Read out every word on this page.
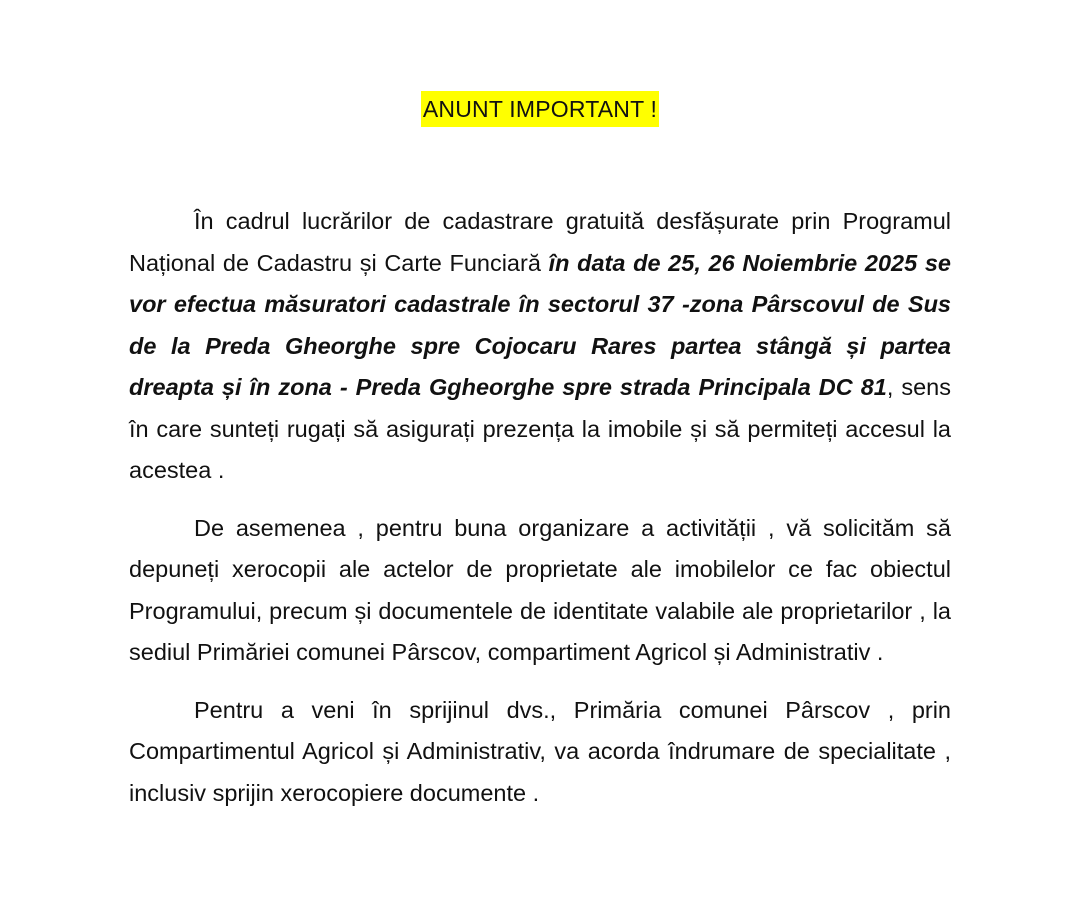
ANUNT IMPORTANT !

În cadrul lucrărilor de cadastrare gratuită desfășurate prin Programul Național de Cadastru și Carte Funciară în data de 25, 26 Noiembrie 2025 se vor efectua măsuratori cadastrale în sectorul 37 -zona Pârscovul de Sus de la Preda Gheorghe spre Cojocaru Rares partea stângă și partea dreapta și în zona - Preda Ggheorghe spre strada Principala DC 81, sens în care sunteți rugați să asigurați prezența la imobile și să permiteți accesul la acestea .

De asemenea , pentru buna organizare a activității , vă solicităm să depuneți xerocopii ale actelor de proprietate ale imobilelor ce fac obiectul Programului, precum și documentele de identitate valabile ale proprietarilor , la sediul Primăriei comunei Pârscov, compartiment Agricol și Administrativ .

Pentru a veni în sprijinul dvs., Primăria comunei Pârscov , prin Compartimentul Agricol și Administrativ, va acorda îndrumare de specialitate , inclusiv sprijin xerocopiere documente .
